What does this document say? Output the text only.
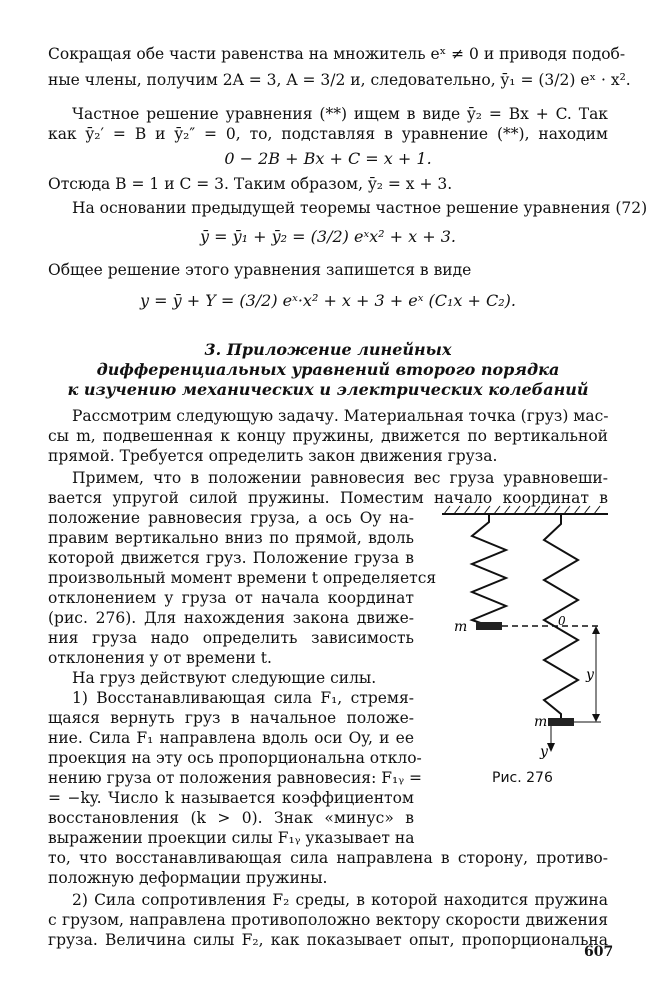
Сокращая обе части равенства на множитель eˣ ≠ 0 и приводя подоб-
ные члены, получим 2A = 3, A = 3/2 и, следовательно, ȳ₁ = (3/2) eˣ · x².
Частное решение уравнения (**) ищем в виде ȳ₂ = Bx + C. Так
как ȳ₂′ = B и ȳ₂″ = 0, то, подставляя в уравнение (**), находим
0 − 2B + Bx + C = x + 1.
Отсюда B = 1 и C = 3. Таким образом, ȳ₂ = x + 3.
На основании предыдущей теоремы частное решение уравнения (72)
ȳ = ȳ₁ + ȳ₂ = (3/2) eˣx² + x + 3.
Общее решение этого уравнения запишется в виде
y = ȳ + Y = (3/2) eˣ·x² + x + 3 + eˣ (C₁x + C₂).
3. Приложение линейных
дифференциальных уравнений второго порядка
к изучению механических и электрических колебаний
Рассмотрим следующую задачу. Материальная точка (груз) мас-
сы m, подвешенная к концу пружины, движется по вертикальной
прямой. Требуется определить закон движения груза.
Примем, что в положении равновесия вес груза уравновеши-
вается упругой силой пружины. Поместим начало координат в
положение равновесия груза, а ось Oy на-
правим вертикально вниз по прямой, вдоль
которой движется груз. Положение груза в
произвольный момент времени t определяется
отклонением y груза от начала координат
(рис. 276). Для нахождения закона движе-
ния груза надо определить зависимость
отклонения y от времени t.
На груз действуют следующие силы.
1) Восстанавливающая сила F₁, стремя-
щаяся вернуть груз в начальное положе-
ние. Сила F₁ направлена вдоль оси Oy, и ее
проекция на эту ось пропорциональна откло-
нению груза от положения равновесия: F₁ᵧ =
= −ky. Число k называется коэффициентом
восстановления (k > 0). Знак «минус» в
выражении проекции силы F₁ᵧ указывает на
то, что восстанавливающая сила направлена в сторону, противо-
положную деформации пружины.
2) Сила сопротивления F₂ среды, в которой находится пружина
с грузом, направлена противоположно вектору скорости движения
груза. Величина силы F₂, как показывает опыт, пропорциональна
607
m	0
y
m
y
Рис. 276
